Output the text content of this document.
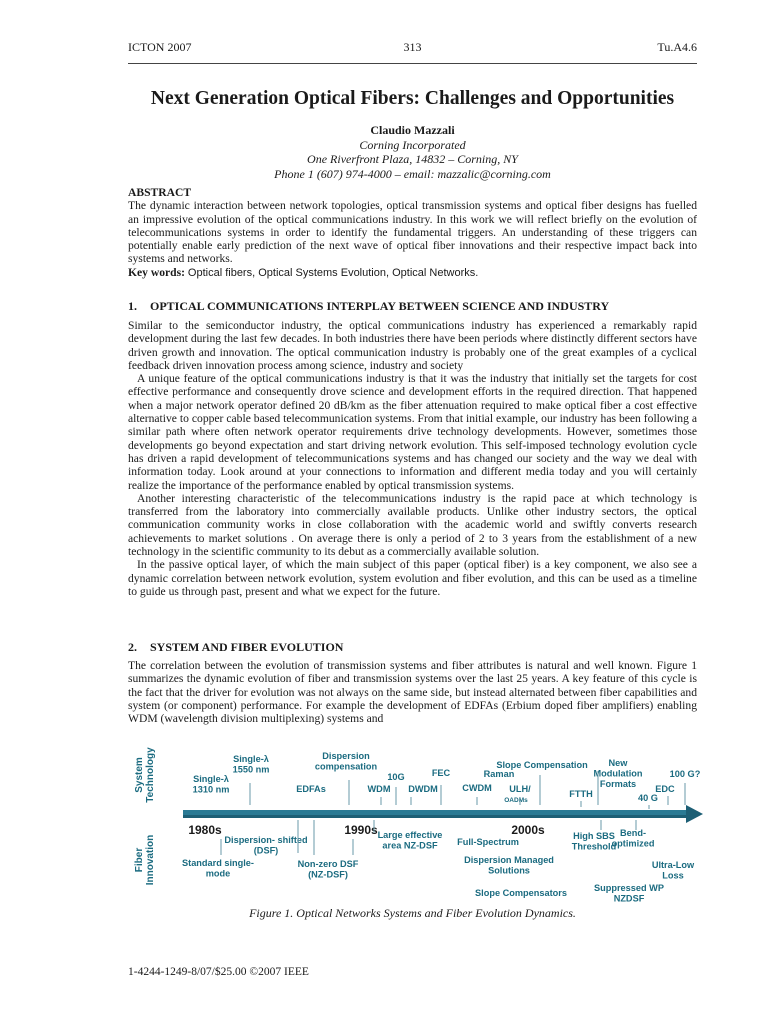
ICTON 2007	313	Tu.A4.6
Next Generation Optical Fibers: Challenges and Opportunities
Claudio Mazzali
Corning Incorporated
One Riverfront Plaza, 14832 – Corning, NY
Phone 1 (607) 974-4000 – email: mazzalic@corning.com
ABSTRACT

The dynamic interaction between network topologies, optical transmission systems and optical fiber designs has fuelled an impressive evolution of the optical communications industry. In this work we will reflect briefly on the evolution of telecommunications systems in order to identify the fundamental triggers. An understanding of these triggers can potentially enable early prediction of the next wave of optical fiber innovations and their respective impact back into systems and networks.

Key words: Optical fibers, Optical Systems Evolution, Optical Networks.

1. OPTICAL COMMUNICATIONS INTERPLAY BETWEEN SCIENCE AND INDUSTRY

Similar to the semiconductor industry, the optical communications industry has experienced a remarkably rapid development during the last few decades. In both industries there have been periods where distinctly different sectors have driven growth and innovation. The optical communication industry is probably one of the great examples of a cyclical feedback driven innovation process among science, industry and society

A unique feature of the optical communications industry is that it was the industry that initially set the targets for cost effective performance and consequently drove science and development efforts in the required direction. That happened when a major network operator defined 20 dB/km as the fiber attenuation required to make optical fiber a cost effective alternative to copper cable based telecommunication systems. From that initial example, our industry has been following a similar path where often network operator requirements drive technology developments. However, sometimes those developments go beyond expectation and start driving network evolution. This self-imposed technology evolution cycle has driven a rapid development of telecommunications systems and has changed our society and the way we deal with information today. Look around at your connections to information and different media today and you will certainly realize the importance of the performance enabled by optical transmission systems.

Another interesting characteristic of the telecommunications industry is the rapid pace at which technology is transferred from the laboratory into commercially available products. Unlike other industry sectors, the optical communication community works in close collaboration with the academic world and swiftly converts research achievements to market solutions . On average there is only a period of 2 to 3 years from the establishment of a new technology in the scientific community to its debut as a commercially available solution.

In the passive optical layer, of which the main subject of this paper (optical fiber) is a key component, we also see a dynamic correlation between network evolution, system evolution and fiber evolution, and this can be used as a timeline to guide us through past, present and what we expect for the future.

2. SYSTEM AND FIBER EVOLUTION

The correlation between the evolution of transmission systems and fiber attributes is natural and well known. Figure 1 summarizes the dynamic evolution of fiber and transmission systems over the last 25 years. A key feature of this cycle is the fact that the driver for evolution was not always on the same side, but instead alternated between fiber capabilities and system (or component) performance. For example the development of EDFAs (Erbium doped fiber amplifiers) enabling WDM (wavelength division multiplexing) systems and

SystemTechnology
FiberInnovation
1980s	1990s	2000s
Single-λ 1310 nm
Single-λ 1550 nm
EDFAs
Dispersion compensation
WDM
10G
DWDM
FEC
CWDM
Raman
ULH/
OADMs
Slope Compensation
FTTH
New Modulation Formats
40 G
100 G?
EDC
Standard single-mode
Dispersion- shifted (DSF)
Non-zero DSF (NZ-DSF)
Large effective area NZ-DSF	Full-Spectrum
Dispersion Managed Solutions
Slope Compensators
High SBS Threshold
Bend-optimized
Suppressed WP NZDSF
Ultra-Low Loss
Figure 1. Optical Networks Systems and Fiber Evolution Dynamics.
1-4244-1249-8/07/$25.00 ©2007 IEEE
